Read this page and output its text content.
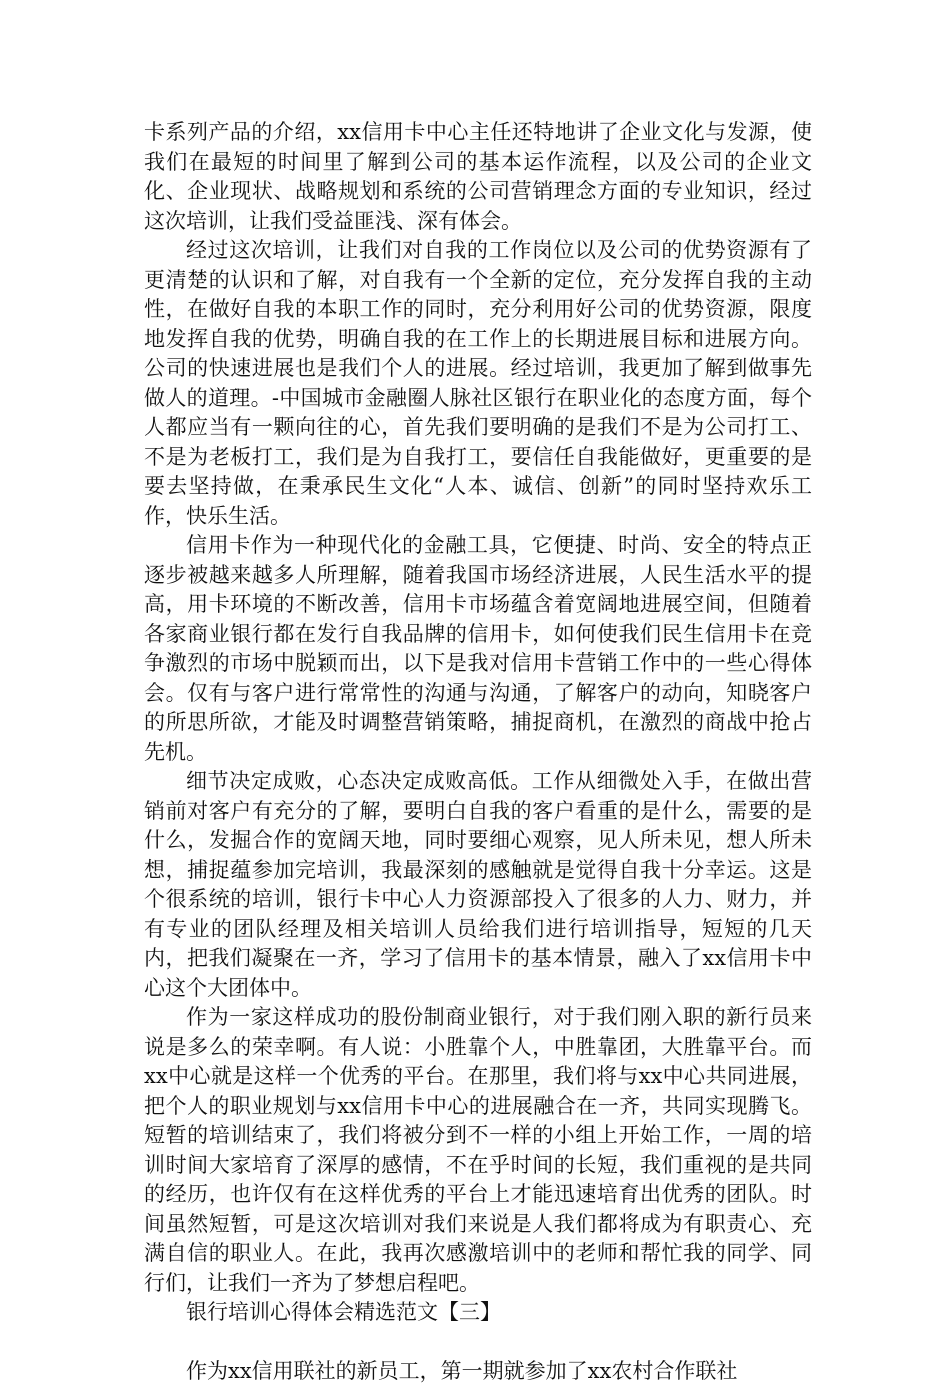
卡系列产品的介绍，xx信用卡中心主任还特地讲了企业文化与发源，使我们在最短的时间里了解到公司的基本运作流程，以及公司的企业文化、企业现状、战略规划和系统的公司营销理念方面的专业知识，经过这次培训，让我们受益匪浅、深有体会。

经过这次培训，让我们对自我的工作岗位以及公司的优势资源有了更清楚的认识和了解，对自我有一个全新的定位，充分发挥自我的主动性，在做好自我的本职工作的同时，充分利用好公司的优势资源，限度地发挥自我的优势，明确自我的在工作上的长期进展目标和进展方向。公司的快速进展也是我们个人的进展。经过培训，我更加了解到做事先做人的道理。-中国城市金融圈人脉社区银行在职业化的态度方面，每个人都应当有一颗向往的心，首先我们要明确的是我们不是为公司打工、不是为老板打工，我们是为自我打工，要信任自我能做好，更重要的是要去坚持做，在秉承民生文化“人本、诚信、创新”的同时坚持欢乐工作，快乐生活。

信用卡作为一种现代化的金融工具，它便捷、时尚、安全的特点正逐步被越来越多人所理解，随着我国市场经济进展，人民生活水平的提高，用卡环境的不断改善，信用卡市场蕴含着宽阔地进展空间，但随着各家商业银行都在发行自我品牌的信用卡，如何使我们民生信用卡在竞争激烈的市场中脱颖而出，以下是我对信用卡营销工作中的一些心得体会。仅有与客户进行常常性的沟通与沟通，了解客户的动向，知晓客户的所思所欲，才能及时调整营销策略，捕捉商机，在激烈的商战中抢占先机。

细节决定成败，心态决定成败高低。工作从细微处入手，在做出营销前对客户有充分的了解，要明白自我的客户看重的是什么，需要的是什么，发掘合作的宽阔天地，同时要细心观察，见人所未见，想人所未想，捕捉蕴参加完培训，我最深刻的感触就是觉得自我十分幸运。这是个很系统的培训，银行卡中心人力资源部投入了很多的人力、财力，并有专业的团队经理及相关培训人员给我们进行培训指导，短短的几天内，把我们凝聚在一齐，学习了信用卡的基本情景，融入了xx信用卡中心这个大团体中。

作为一家这样成功的股份制商业银行，对于我们刚入职的新行员来说是多么的荣幸啊。有人说：小胜靠个人，中胜靠团，大胜靠平台。而xx中心就是这样一个优秀的平台。在那里，我们将与xx中心共同进展，把个人的职业规划与xx信用卡中心的进展融合在一齐，共同实现腾飞。短暂的培训结束了，我们将被分到不一样的小组上开始工作，一周的培训时间大家培育了深厚的感情，不在乎时间的长短，我们重视的是共同的经历，也许仅有在这样优秀的平台上才能迅速培育出优秀的团队。时间虽然短暂，可是这次培训对我们来说是人我们都将成为有职责心、充满自信的职业人。在此，我再次感激培训中的老师和帮忙我的同学、同行们，让我们一齐为了梦想启程吧。

银行培训心得体会精选范文【三】

作为xx信用联社的新员工，第一期就参加了xx农村合作联社
